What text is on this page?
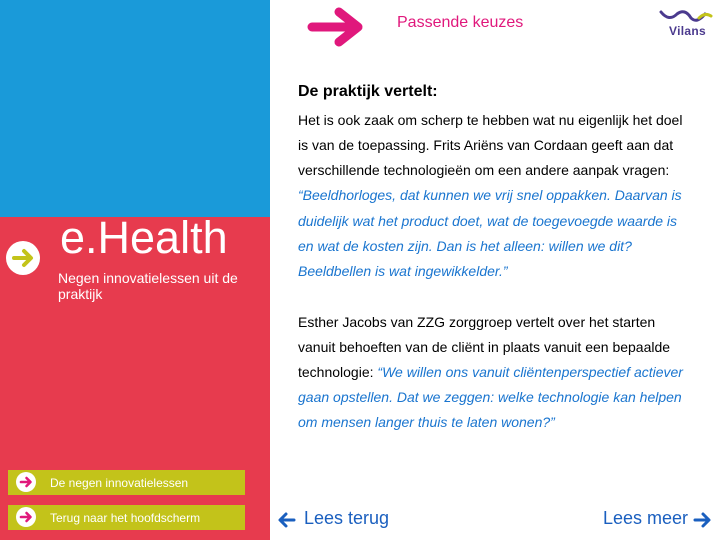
e.Health
Negen innovatielessen uit de praktijk
De negen innovatielessen
Terug naar het hoofdscherm
Passende keuzes	Vilans
De praktijk vertelt:
Het is ook zaak om scherp te hebben wat nu eigenlijk het doel
is van de toepassing. Frits Ariëns van Cordaan geeft aan dat
verschillende technologieën om een andere aanpak vragen:
“Beeldhorloges, dat kunnen we vrij snel oppakken. Daarvan is
duidelijk wat het product doet, wat de toegevoegde waarde is
en wat de kosten zijn. Dan is het alleen: willen we dit?
Beeldbellen is wat ingewikkelder.”
Esther Jacobs van ZZG zorggroep vertelt over het starten
vanuit behoeften van de cliënt in plaats vanuit een bepaalde
technologie: “We willen ons vanuit cliëntenperspectief actiever
gaan opstellen. Dat we zeggen: welke technologie kan helpen
om mensen langer thuis te laten wonen?”
Lees terug	Lees meer
